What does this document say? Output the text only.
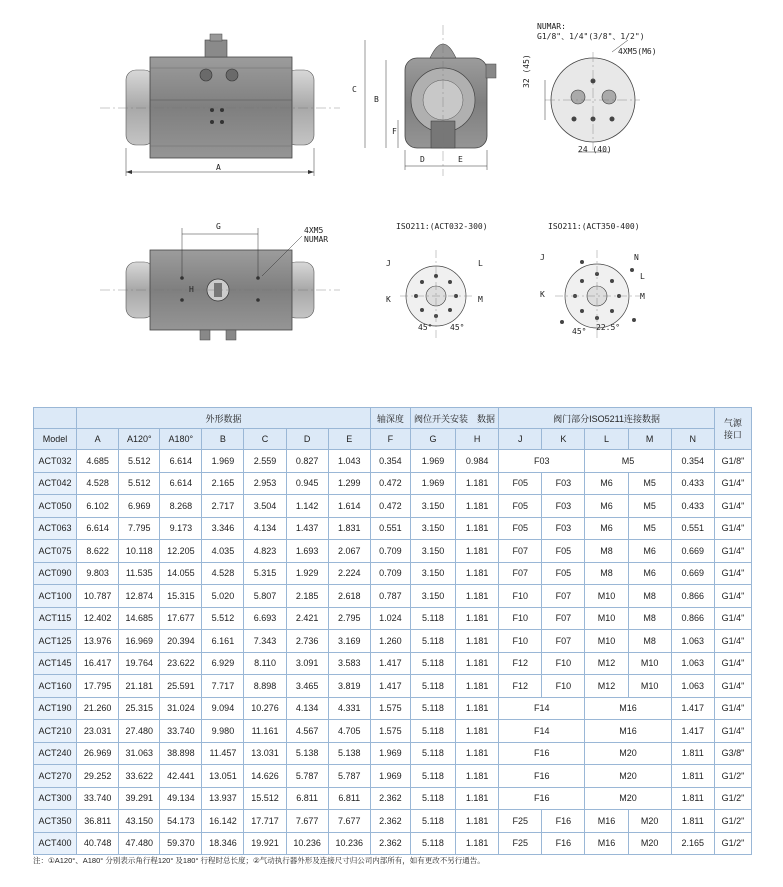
A
C
B
F
D	E
NUMAR:
G1/8"、1/4"(3/8"、1/2")
4XM5(M6)
32 (45)
24 (40)
G	4XM5
NUMAR
H
ISO211:(ACT032-300)	ISO211:(ACT350-400)
J
K
L
M
45° 45°
J
K
N
L
M
45° 22.5°
	外形数据							轴深度	阀位开关安装　数据		阀门部分ISO5211连接数据					气源接口
Model	A	A120°	A180°	B	C	D	E	F	G	H	J	K	L	M	N	
ACT032	4.685	5.512	6.614	1.969	2.559	0.827	1.043	0.354	1.969	0.984	F03		M5		0.354	G1/8"
ACT042	4.528	5.512	6.614	2.165	2.953	0.945	1.299	0.472	1.969	1.181	F05	F03	M6	M5	0.433	G1/4"
ACT050	6.102	6.969	8.268	2.717	3.504	1.142	1.614	0.472	3.150	1.181	F05	F03	M6	M5	0.433	G1/4"
ACT063	6.614	7.795	9.173	3.346	4.134	1.437	1.831	0.551	3.150	1.181	F05	F03	M6	M5	0.551	G1/4"
ACT075	8.622	10.118	12.205	4.035	4.823	1.693	2.067	0.709	3.150	1.181	F07	F05	M8	M6	0.669	G1/4"
ACT090	9.803	11.535	14.055	4.528	5.315	1.929	2.224	0.709	3.150	1.181	F07	F05	M8	M6	0.669	G1/4"
ACT100	10.787	12.874	15.315	5.020	5.807	2.185	2.618	0.787	3.150	1.181	F10	F07	M10	M8	0.866	G1/4"
ACT115	12.402	14.685	17.677	5.512	6.693	2.421	2.795	1.024	5.118	1.181	F10	F07	M10	M8	0.866	G1/4"
ACT125	13.976	16.969	20.394	6.161	7.343	2.736	3.169	1.260	5.118	1.181	F10	F07	M10	M8	1.063	G1/4"
ACT145	16.417	19.764	23.622	6.929	8.110	3.091	3.583	1.417	5.118	1.181	F12	F10	M12	M10	1.063	G1/4"
ACT160	17.795	21.181	25.591	7.717	8.898	3.465	3.819	1.417	5.118	1.181	F12	F10	M12	M10	1.063	G1/4"
ACT190	21.260	25.315	31.024	9.094	10.276	4.134	4.331	1.575	5.118	1.181	F14		M16		1.417	G1/4"
ACT210	23.031	27.480	33.740	9.980	11.161	4.567	4.705	1.575	5.118	1.181	F14		M16		1.417	G1/4"
ACT240	26.969	31.063	38.898	11.457	13.031	5.138	5.138	1.969	5.118	1.181	F16		M20		1.811	G3/8"
ACT270	29.252	33.622	42.441	13.051	14.626	5.787	5.787	1.969	5.118	1.181	F16		M20		1.811	G1/2"
ACT300	33.740	39.291	49.134	13.937	15.512	6.811	6.811	2.362	5.118	1.181	F16		M20		1.811	G1/2"
ACT350	36.811	43.150	54.173	16.142	17.717	7.677	7.677	2.362	5.118	1.181	F25	F16	M16	M20	1.811	G1/2"
ACT400	40.748	47.480	59.370	18.346	19.921	10.236	10.236	2.362	5.118	1.181	F25	F16	M16	M20	2.165	G1/2"
注：①A120°、A180° 分别表示角行程120° 及180° 行程时总长度；②气动执行器外形及连接尺寸归公司内部所有，如有更改不另行通告。
